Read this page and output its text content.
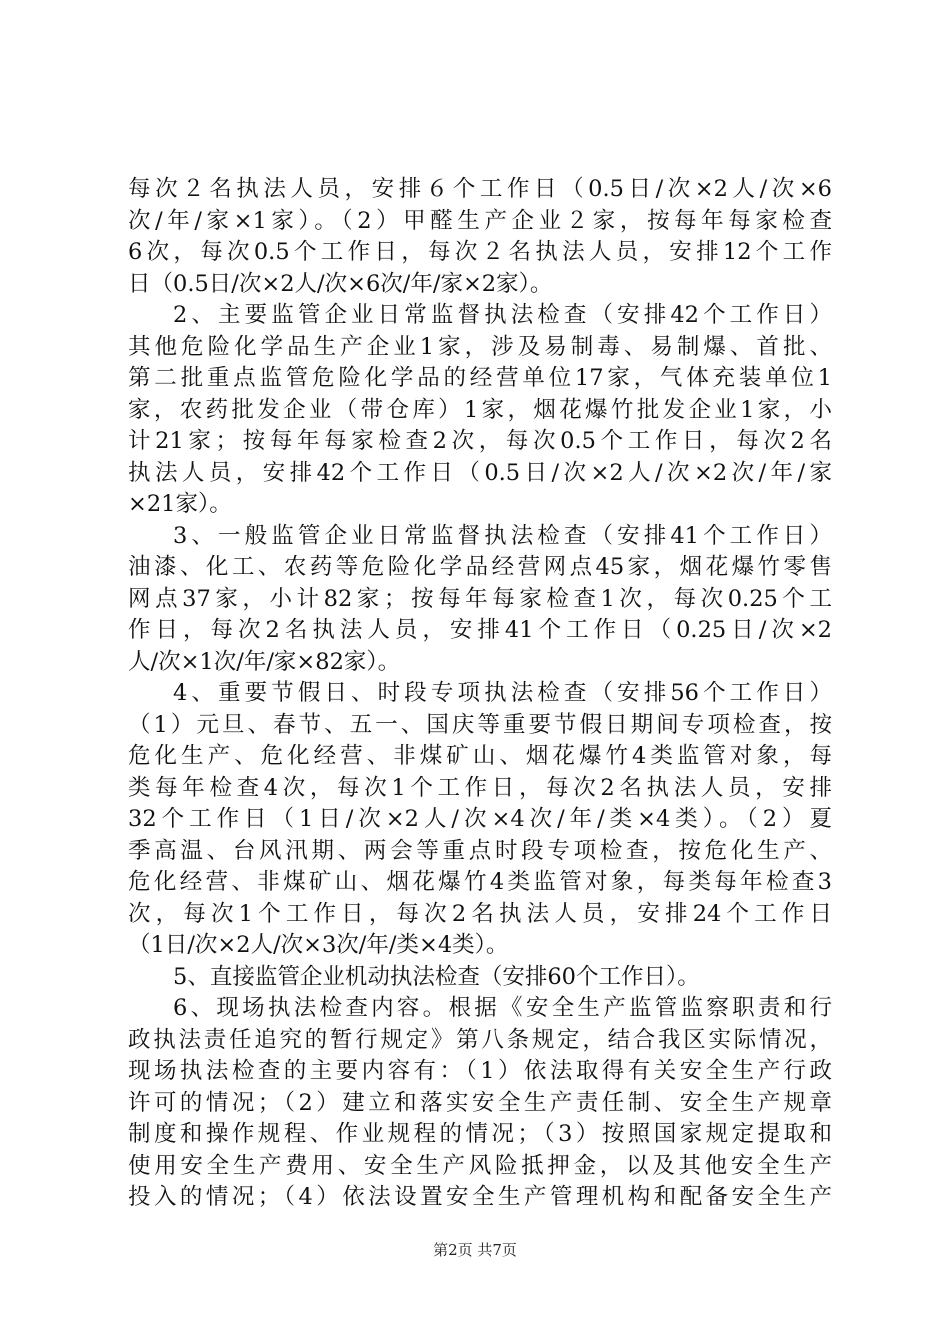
每次２名执法人员，安排６个工作日（0.5日/次×2人/次×6
次/年/家×1家）。（2）甲醛生产企业２家，按每年每家检查
6次，每次0.5个工作日，每次２名执法人员，安排12个工作
日（0.5日/次×2人/次×6次/年/家×2家）。
2、主要监管企业日常监督执法检查（安排42个工作日）
其他危险化学品生产企业1家，涉及易制毒、易制爆、首批、
第二批重点监管危险化学品的经营单位17家，气体充装单位1
家，农药批发企业（带仓库）1家，烟花爆竹批发企业1家，小
计21家；按每年每家检查2次，每次0.5个工作日，每次2名
执法人员，安排42个工作日（0.5日/次×2人/次×2次/年/家
×21家）。
3、一般监管企业日常监督执法检查（安排41个工作日）
油漆、化工、农药等危险化学品经营网点45家，烟花爆竹零售
网点37家，小计82家；按每年每家检查1次，每次0.25个工
作日，每次2名执法人员，安排41个工作日（0.25日/次×2
人/次×1次/年/家×82家）。
4、重要节假日、时段专项执法检查（安排56个工作日）
（1）元旦、春节、五一、国庆等重要节假日期间专项检查，按
危化生产、危化经营、非煤矿山、烟花爆竹4类监管对象，每
类每年检查4次，每次1个工作日，每次2名执法人员，安排
32个工作日（1日/次×2人/次×4次/年/类×4类）。（2）夏
季高温、台风汛期、两会等重点时段专项检查，按危化生产、
危化经营、非煤矿山、烟花爆竹4类监管对象，每类每年检查3
次，每次1个工作日，每次2名执法人员，安排24个工作日
（1日/次×2人/次×3次/年/类×4类）。
5、直接监管企业机动执法检查（安排60个工作日）。
6、现场执法检查内容。根据《安全生产监管监察职责和行
政执法责任追究的暂行规定》第八条规定，结合我区实际情况，
现场执法检查的主要内容有：（1）依法取得有关安全生产行政
许可的情况；（2）建立和落实安全生产责任制、安全生产规章
制度和操作规程、作业规程的情况；（3）按照国家规定提取和
使用安全生产费用、安全生产风险抵押金，以及其他安全生产
投入的情况；（4）依法设置安全生产管理机构和配备安全生产
第2页 共7页
